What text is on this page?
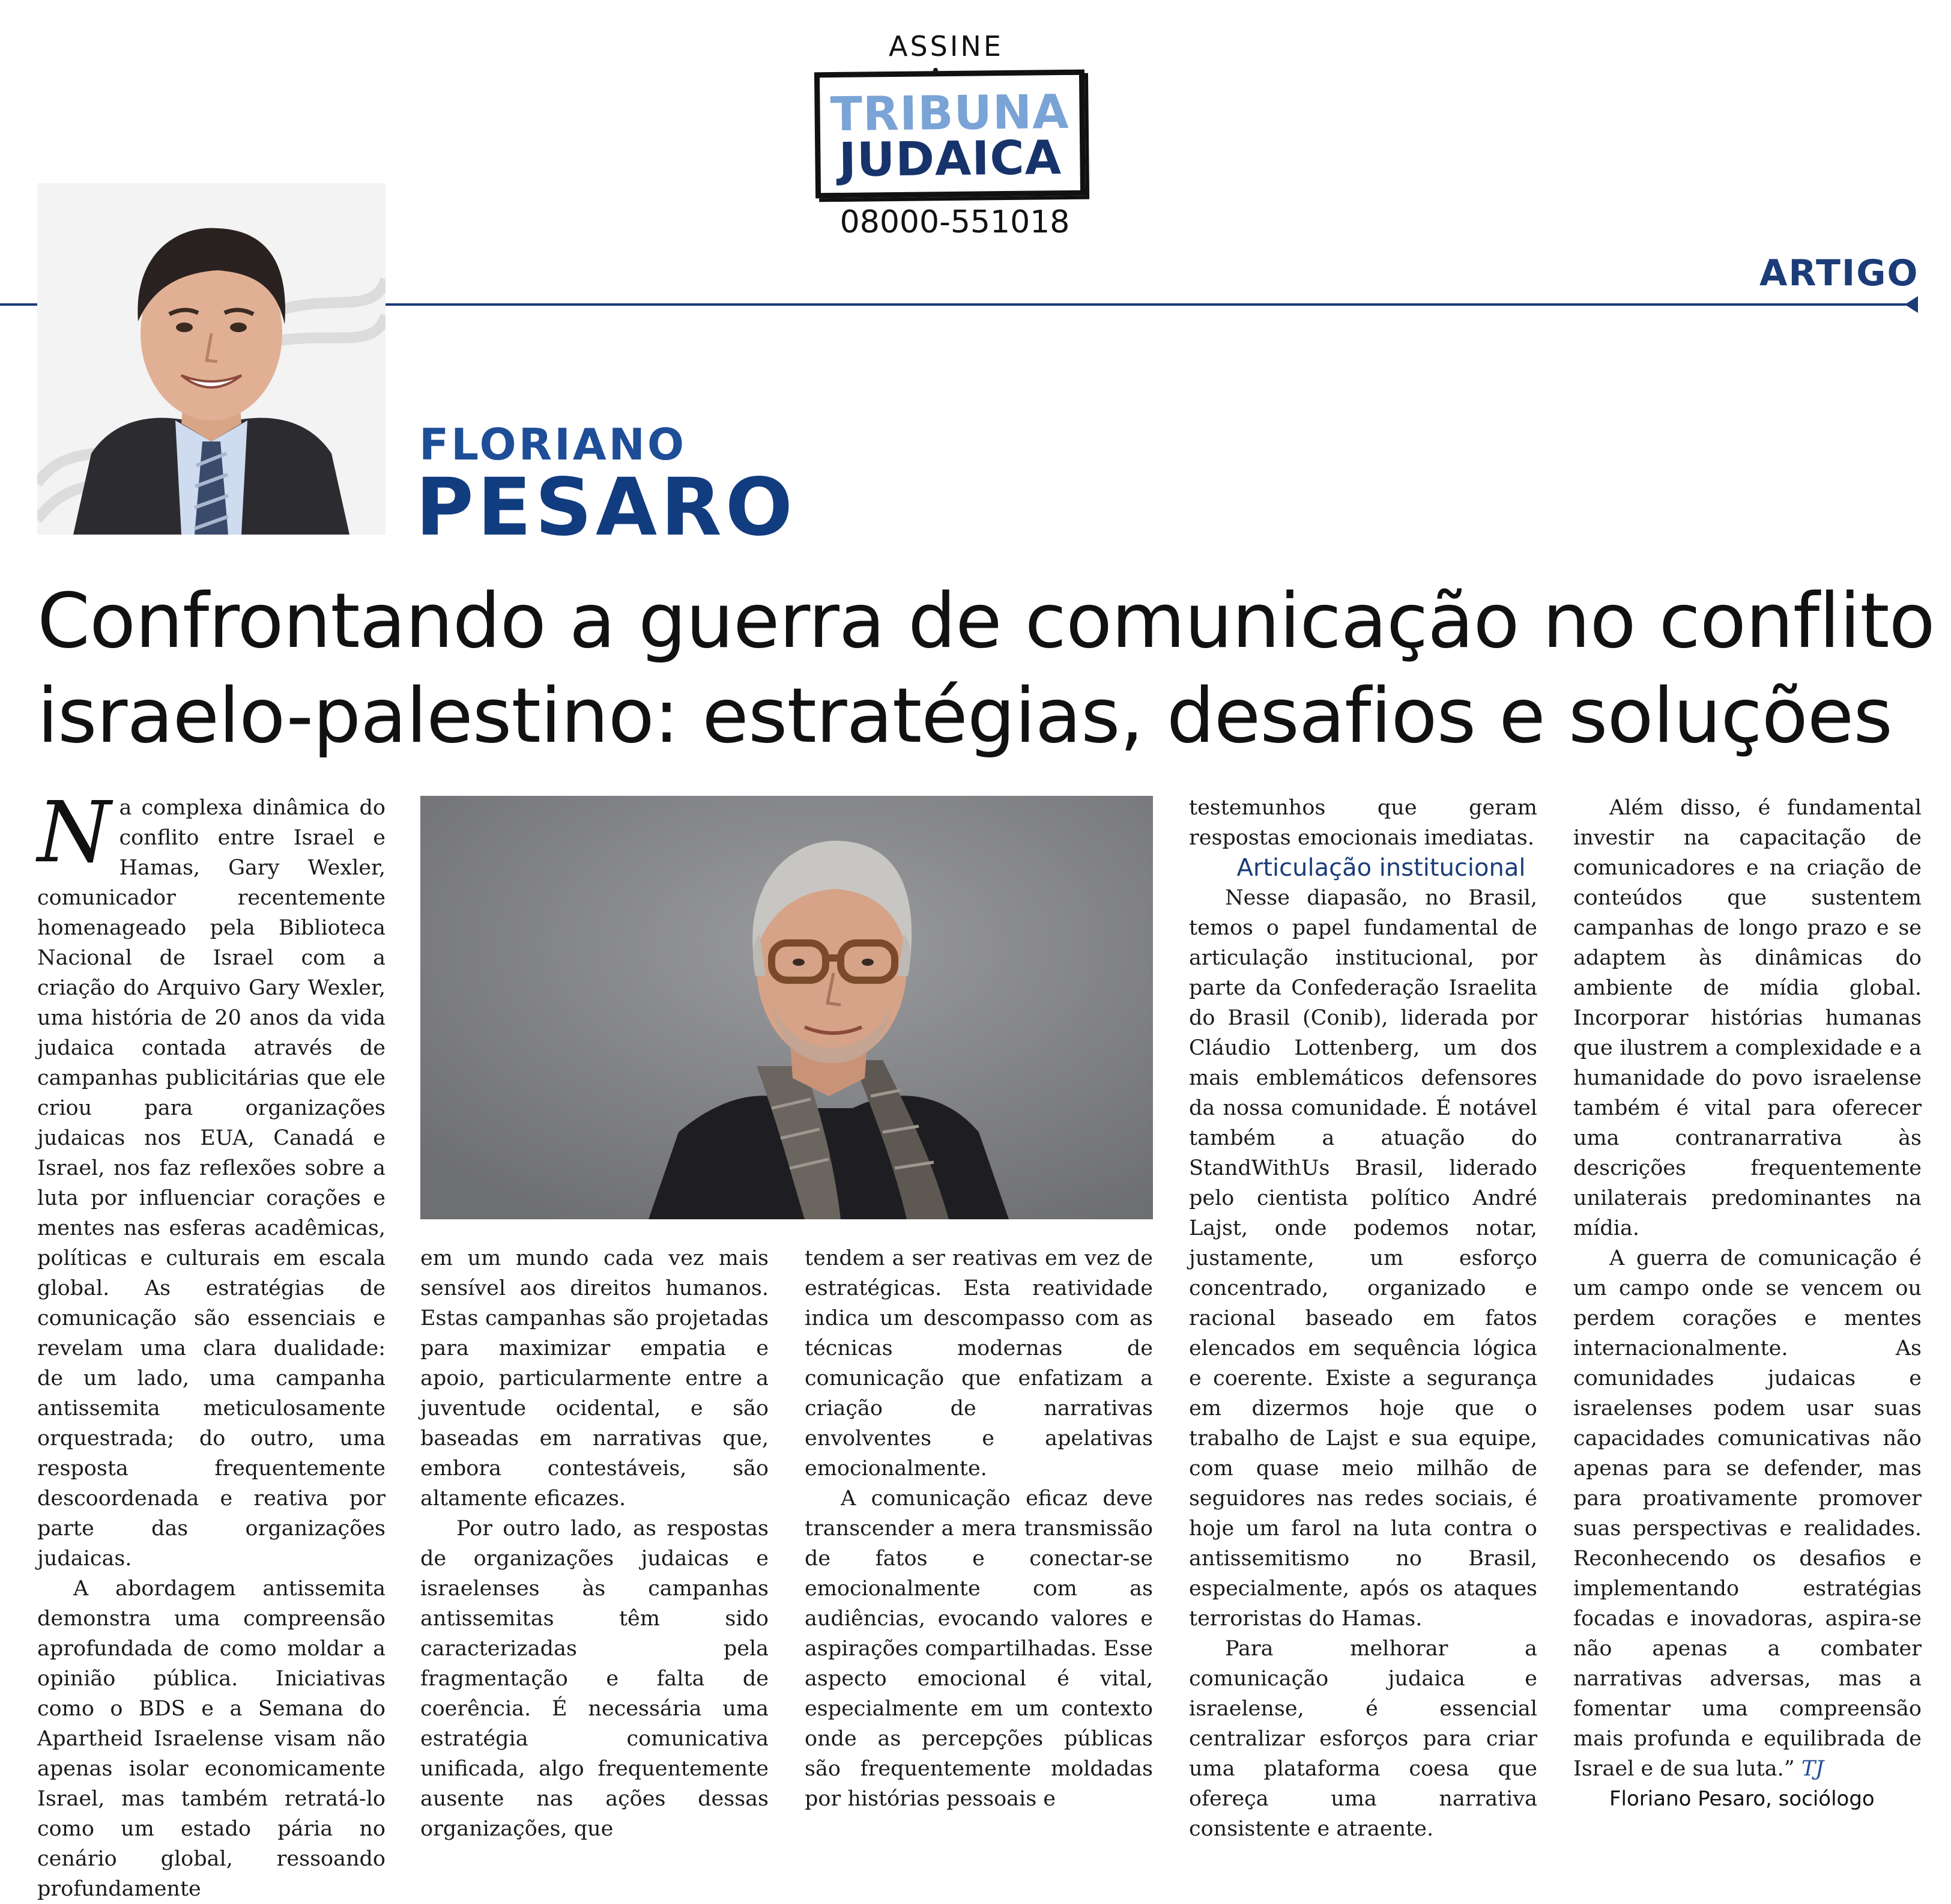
ASSINE
TRIBUNA
JUDAICA
08000-551018
ARTIGO
FLORIANO
PESARO
Confrontando a guerra de comunicação no conflito
israelo-palestino: estratégias, desafios e soluções

Na complexa dinâmica do conflito entre Israel e Hamas, Gary Wexler, comunicador recentemente homenageado pela Biblioteca Nacional de Israel com a criação do Arquivo Gary Wexler, uma história de 20 anos da vida judaica contada através de campanhas publicitárias que ele criou para organizações judaicas nos EUA, Canadá e Israel, nos faz reflexões sobre a luta por influenciar corações e mentes nas esferas acadêmicas, políticas e culturais em escala global. As estratégias de comunicação são essenciais e revelam uma clara dualidade: de um lado, uma campanha antissemita meticulosamente orquestrada; do outro, uma resposta frequentemente descoordenada e reativa por parte das organizações judaicas.

A abordagem antissemita demonstra uma compreensão aprofundada de como moldar a opinião pública. Iniciativas como o BDS e a Semana do Apartheid Israelense visam não apenas isolar economicamente Israel, mas também retratá-lo como um estado pária no cenário global, ressoando profundamente

em um mundo cada vez mais sensível aos direitos humanos. Estas campanhas são projetadas para maximizar empatia e apoio, particularmente entre a juventude ocidental, e são baseadas em narrativas que, embora contestáveis, são altamente eficazes.

Por outro lado, as respostas de organizações judaicas e israelenses às campanhas antissemitas têm sido caracterizadas pela fragmentação e falta de coerência. É necessária uma estratégia comunicativa unificada, algo frequentemente ausente nas ações dessas organizações, que

tendem a ser reativas em vez de estratégicas. Esta reatividade indica um descompasso com as técnicas modernas de comunicação que enfatizam a criação de narrativas envolventes e apelativas emocionalmente.

A comunicação eficaz deve transcender a mera transmissão de fatos e conectar-se emocionalmente com as audiências, evocando valores e aspirações compartilhadas. Esse aspecto emocional é vital, especialmente em um contexto onde as percepções públicas são frequentemente moldadas por histórias pessoais e

testemunhos que geram respostas emocionais imediatas.

Articulação institucional

Nesse diapasão, no Brasil, temos o papel fundamental de articulação institucional, por parte da Confederação Israelita do Brasil (Conib), liderada por Cláudio Lottenberg, um dos mais emblemáticos defensores da nossa comunidade. É notável também a atuação do StandWithUs Brasil, liderado pelo cientista político André Lajst, onde podemos notar, justamente, um esforço concentrado, organizado e racional baseado em fatos elencados em sequência lógica e coerente. Existe a segurança em dizermos hoje que o trabalho de Lajst e sua equipe, com quase meio milhão de seguidores nas redes sociais, é hoje um farol na luta contra o antissemitismo no Brasil, especialmente, após os ataques terroristas do Hamas.

Para melhorar a comunicação judaica e israelense, é essencial centralizar esforços para criar uma plataforma coesa que ofereça uma narrativa consistente e atraente.

Além disso, é fundamental investir na capacitação de comunicadores e na criação de conteúdos que sustentem campanhas de longo prazo e se adaptem às dinâmicas do ambiente de mídia global. Incorporar histórias humanas que ilustrem a complexidade e a humanidade do povo israelense também é vital para oferecer uma contranarrativa às descrições frequentemente unilaterais predominantes na mídia.

A guerra de comunicação é um campo onde se vencem ou perdem corações e mentes internacionalmente. As comunidades judaicas e israelenses podem usar suas capacidades comunicativas não apenas para se defender, mas para proativamente promover suas perspectivas e realidades. Reconhecendo os desafios e implementando estratégias focadas e inovadoras, aspira-se não apenas a combater narrativas adversas, mas a fomentar uma compreensão mais profunda e equilibrada de Israel e de sua luta.” TJ

Floriano Pesaro, sociólogo
